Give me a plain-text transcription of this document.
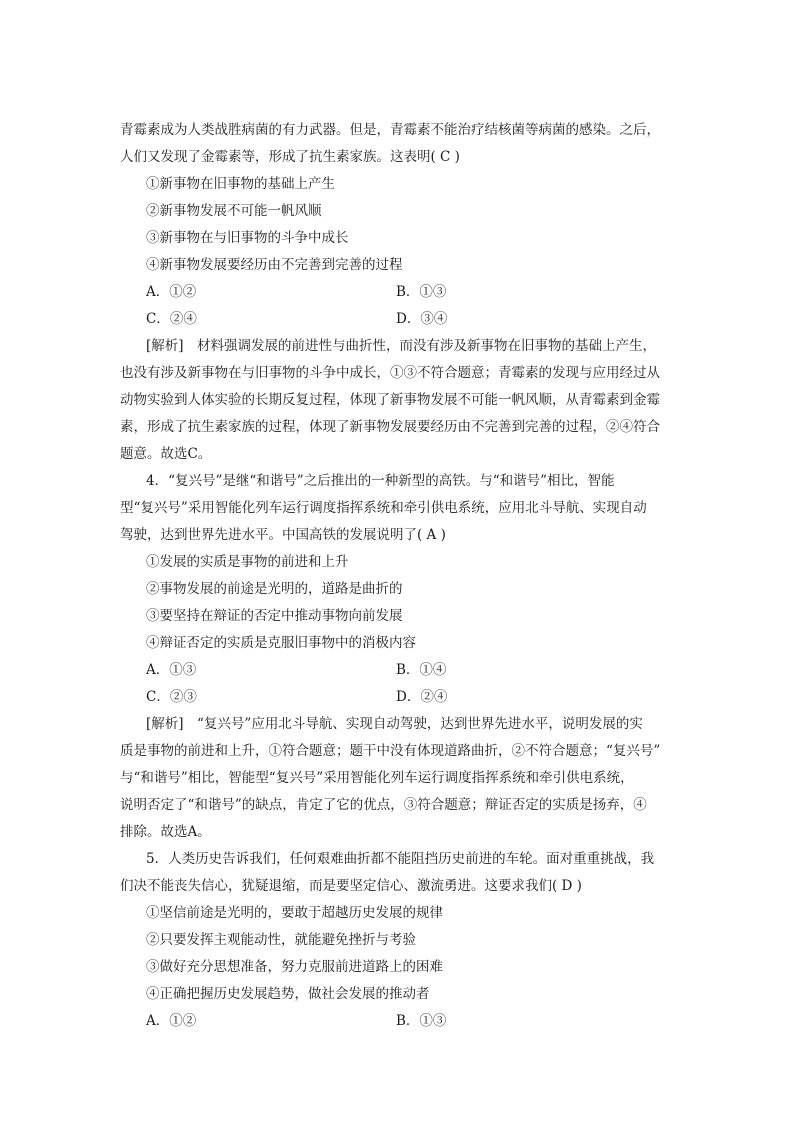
青霉素成为人类战胜病菌的有力武器。但是，青霉素不能治疗结核菌等病菌的感染。之后，
人们又发现了金霉素等，形成了抗生素家族。这表明( C )
①新事物在旧事物的基础上产生
②新事物发展不可能一帆风顺
③新事物在与旧事物的斗争中成长
④新事物发展要经历由不完善到完善的过程
A．①②	B．①③
C．②④	D．③④
[解析]　材料强调发展的前进性与曲折性，而没有涉及新事物在旧事物的基础上产生，
也没有涉及新事物在与旧事物的斗争中成长，①③不符合题意；青霉素的发现与应用经过从
动物实验到人体实验的长期反复过程，体现了新事物发展不可能一帆风顺，从青霉素到金霉
素，形成了抗生素家族的过程，体现了新事物发展要经历由不完善到完善的过程，②④符合
题意。故选C。
4．“复兴号”是继“和谐号”之后推出的一种新型的高铁。与“和谐号”相比，智能
型“复兴号”采用智能化列车运行调度指挥系统和牵引供电系统，应用北斗导航、实现自动
驾驶，达到世界先进水平。中国高铁的发展说明了( A )
①发展的实质是事物的前进和上升
②事物发展的前途是光明的，道路是曲折的
③要坚持在辩证的否定中推动事物向前发展
④辩证否定的实质是克服旧事物中的消极内容
A．①③	B．①④
C．②③	D．②④
[解析]　“复兴号”应用北斗导航、实现自动驾驶，达到世界先进水平，说明发展的实
质是事物的前进和上升，①符合题意；题干中没有体现道路曲折，②不符合题意；“复兴号”
与“和谐号”相比，智能型“复兴号”采用智能化列车运行调度指挥系统和牵引供电系统，
说明否定了“和谐号”的缺点，肯定了它的优点，③符合题意；辩证否定的实质是扬弃，④
排除。故选A。
5．人类历史告诉我们，任何艰难曲折都不能阻挡历史前进的车轮。面对重重挑战，我
们决不能丧失信心，犹疑退缩，而是要坚定信心、激流勇进。这要求我们( D )
①坚信前途是光明的，要敢于超越历史发展的规律
②只要发挥主观能动性，就能避免挫折与考验
③做好充分思想准备，努力克服前进道路上的困难
④正确把握历史发展趋势，做社会发展的推动者
A．①②	B．①③
